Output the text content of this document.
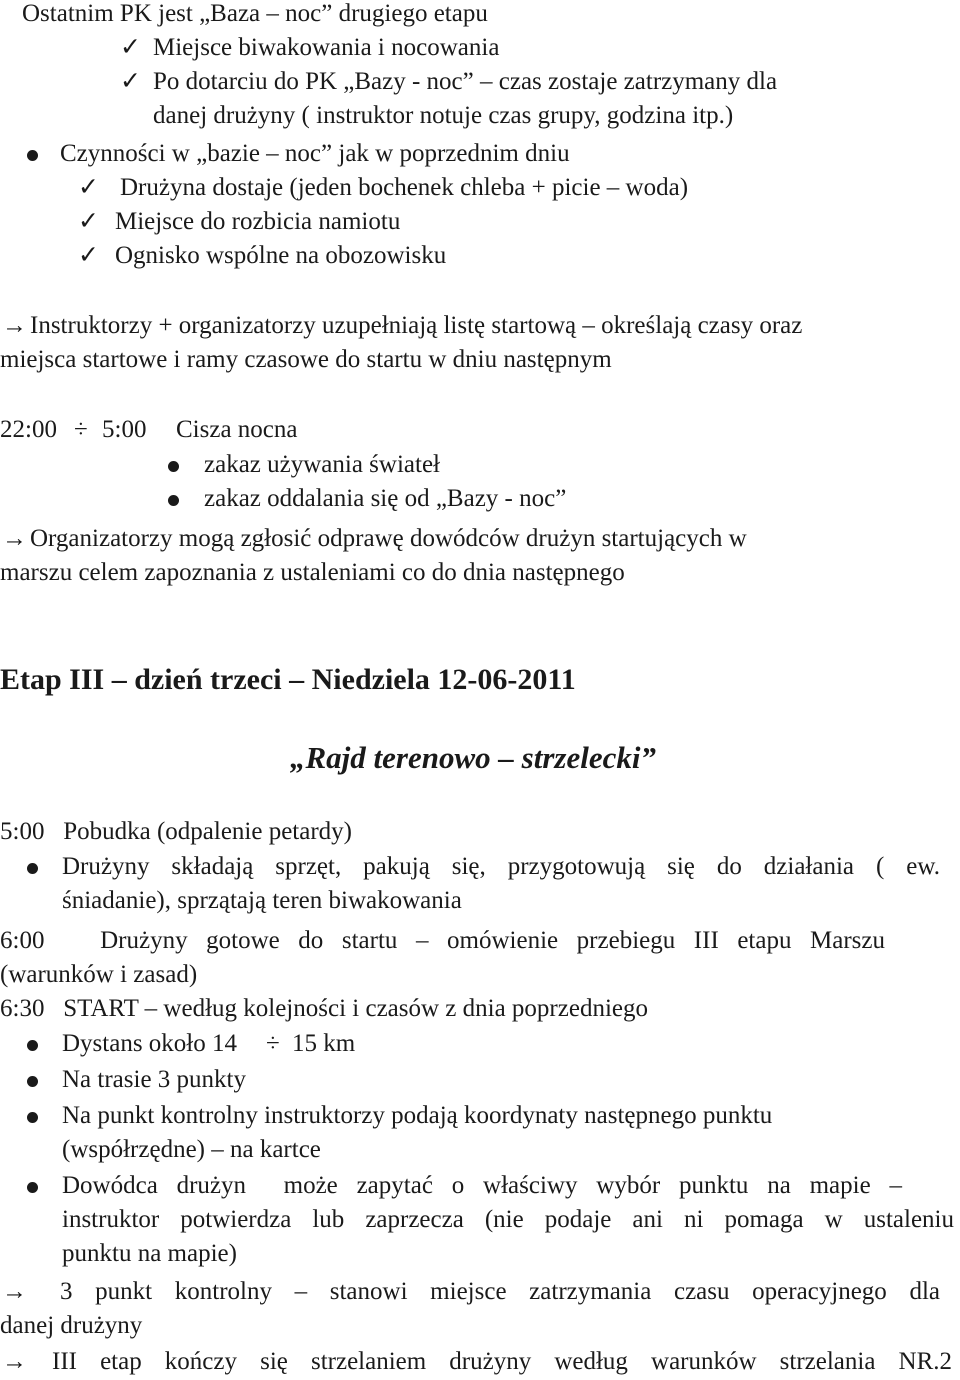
Ostatnim PK jest „Baza – noc” drugiego etapu
✓ Miejsce biwakowania i nocowania
✓ Po dotarciu do PK „Bazy - noc” – czas zostaje zatrzymany dla
danej drużyny ( instruktor notuje czas grupy, godzina itp.)
Czynności w „bazie – noc” jak w poprzednim dniu
✓ Drużyna dostaje (jeden bochenek chleba + picie – woda)
✓ Miejsce do rozbicia namiotu
✓ Ognisko wspólne na obozowisku
→ Instruktorzy + organizatorzy uzupełniają listę startową – określają czasy oraz
miejsca startowe i ramy czasowe do startu w dniu następnym
22:00 ÷ 5:00 Cisza nocna
zakaz używania świateł
zakaz oddalania się od „Bazy - noc”
→ Organizatorzy mogą zgłosić odprawę dowódców drużyn startujących w
marszu celem zapoznania z ustaleniami co do dnia następnego
Etap III – dzień trzeci – Niedziela 12-06-2011
„Rajd terenowo – strzelecki”
5:00   Pobudka (odpalenie petardy)
Drużyny składają sprzęt, pakują się, przygotowują się do działania ( ew.
śniadanie), sprzątają teren biwakowania
6:00   Drużyny gotowe do startu – omówienie przebiegu III etapu Marszu
(warunków i zasad)
6:30   START – według kolejności i czasów z dnia poprzedniego
Dystans około 14 ÷ 15 km
Na trasie 3 punkty
Na punkt kontrolny instruktorzy podają koordynaty następnego punktu
(współrzędne) – na kartce
Dowódca drużyn  może zapytać o właściwy wybór punktu na mapie –
instruktor potwierdza lub zaprzecza (nie podaje ani ni pomaga w ustaleniu
punktu na mapie)
→ 3 punkt kontrolny – stanowi miejsce zatrzymania czasu operacyjnego dla
danej drużyny
→ III etap kończy się strzelaniem drużyny według warunków strzelania NR.2
